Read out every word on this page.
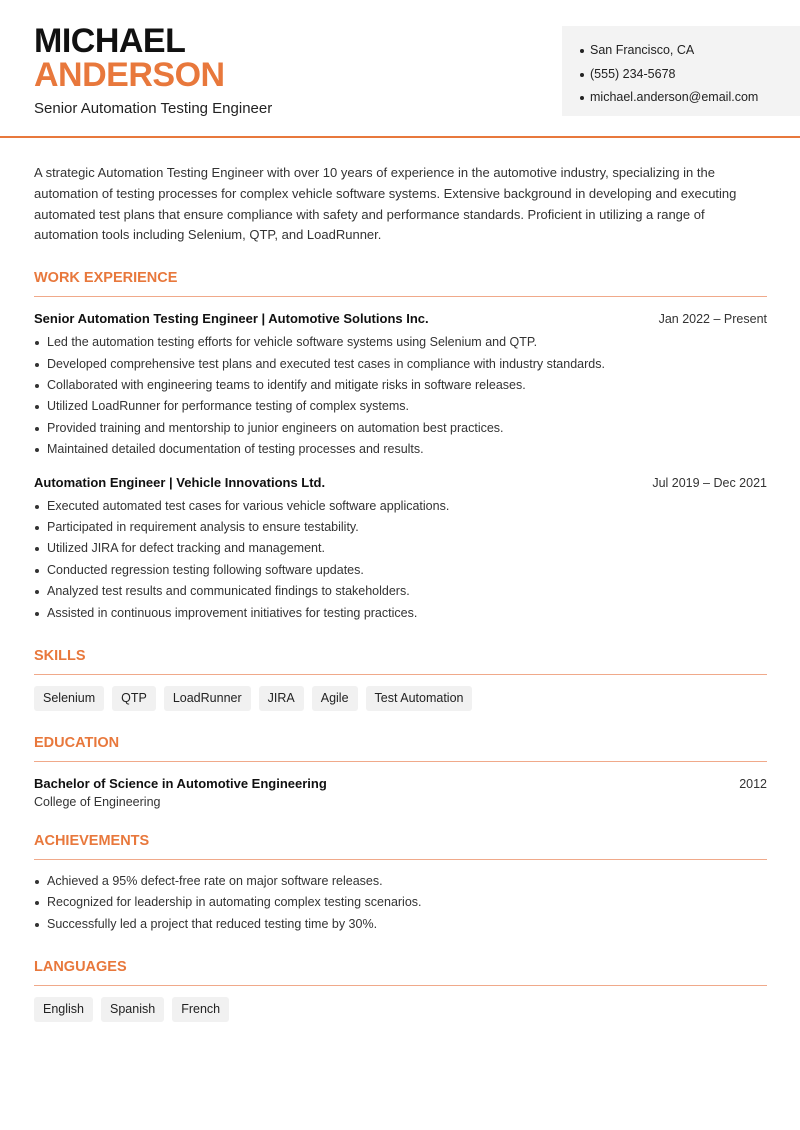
MICHAEL
ANDERSON
Senior Automation Testing Engineer
San Francisco, CA
(555) 234-5678
michael.anderson@email.com

A strategic Automation Testing Engineer with over 10 years of experience in the automotive industry, specializing in the automation of testing processes for complex vehicle software systems. Extensive background in developing and executing automated test plans that ensure compliance with safety and performance standards. Proficient in utilizing a range of automation tools including Selenium, QTP, and LoadRunner.

WORK EXPERIENCE
Senior Automation Testing Engineer | Automotive Solutions Inc.	Jan 2022 – Present
Led the automation testing efforts for vehicle software systems using Selenium and QTP.
Developed comprehensive test plans and executed test cases in compliance with industry standards.
Collaborated with engineering teams to identify and mitigate risks in software releases.
Utilized LoadRunner for performance testing of complex systems.
Provided training and mentorship to junior engineers on automation best practices.
Maintained detailed documentation of testing processes and results.
Automation Engineer | Vehicle Innovations Ltd.	Jul 2019 – Dec 2021
Executed automated test cases for various vehicle software applications.
Participated in requirement analysis to ensure testability.
Utilized JIRA for defect tracking and management.
Conducted regression testing following software updates.
Analyzed test results and communicated findings to stakeholders.
Assisted in continuous improvement initiatives for testing practices.
SKILLS
Selenium	QTP	LoadRunner	JIRA	Agile	Test Automation
EDUCATION
Bachelor of Science in Automotive Engineering	2012
College of Engineering
ACHIEVEMENTS
Achieved a 95% defect-free rate on major software releases.
Recognized for leadership in automating complex testing scenarios.
Successfully led a project that reduced testing time by 30%.
LANGUAGES
English	Spanish	French
